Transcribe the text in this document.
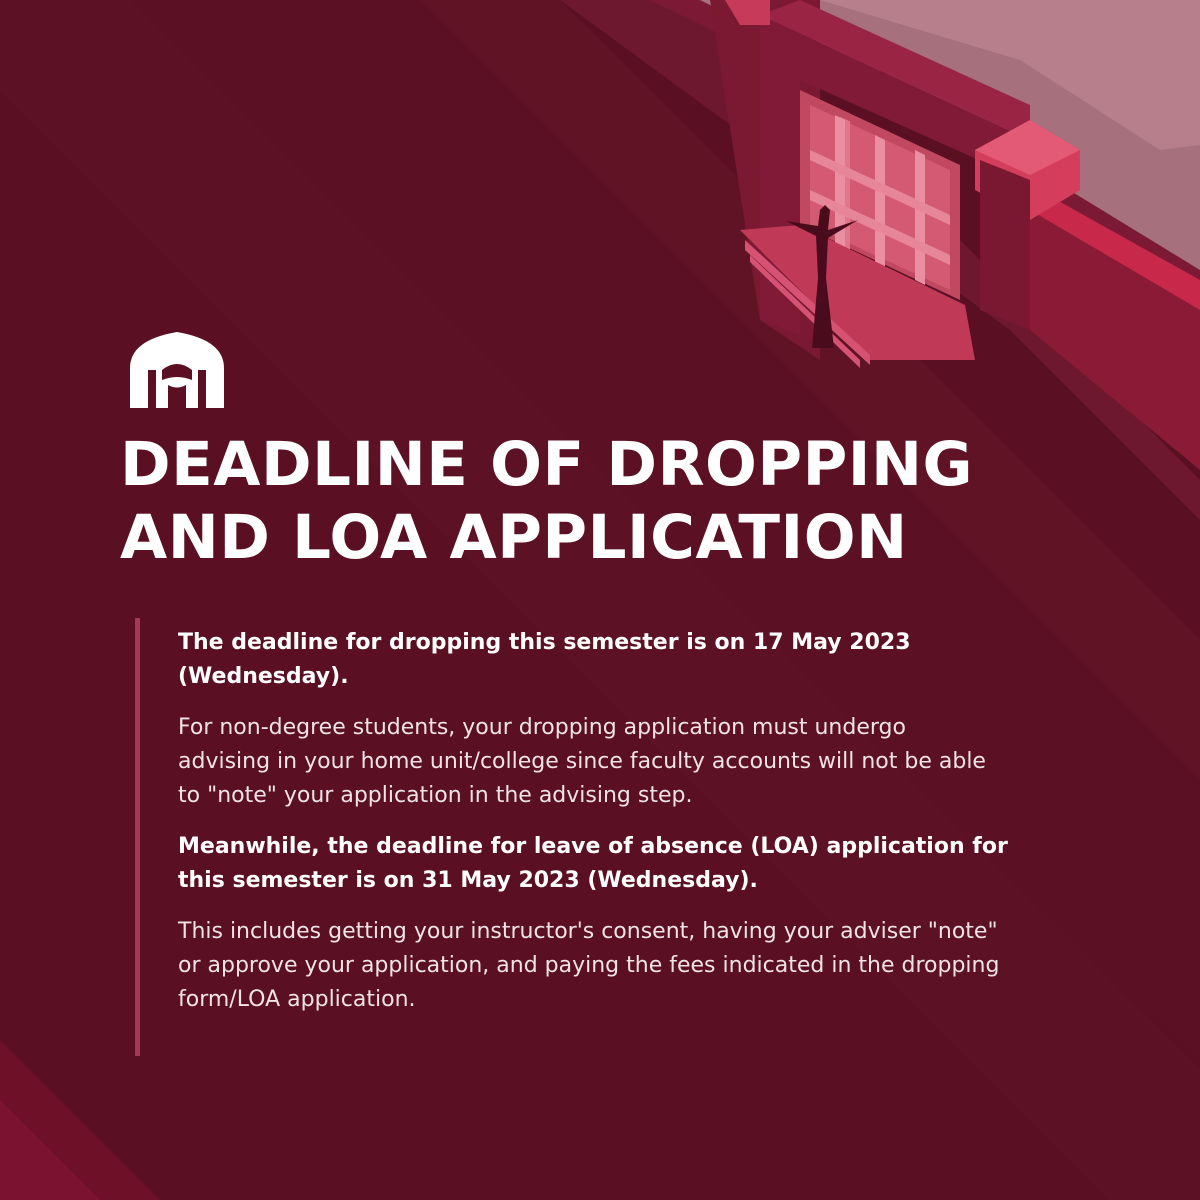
DEADLINE OF DROPPING
AND LOA APPLICATION

The deadline for dropping this semester is on 17 May 2023
(Wednesday).

For non-degree students, your dropping application must undergo
advising in your home unit/college since faculty accounts will not be able
to "note" your application in the advising step.

Meanwhile, the deadline for leave of absence (LOA) application for
this semester is on 31 May 2023 (Wednesday).

This includes getting your instructor's consent, having your adviser "note"
or approve your application, and paying the fees indicated in the dropping
form/LOA application.
